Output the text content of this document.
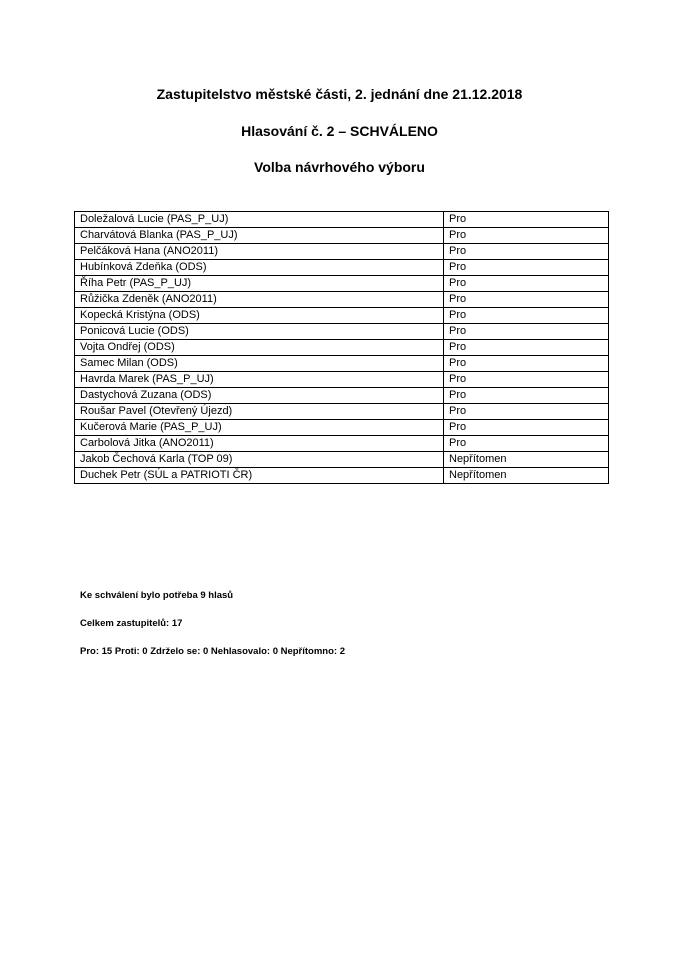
Zastupitelstvo městské části, 2. jednání dne 21.12.2018
Hlasování č. 2 – SCHVÁLENO
Volba návrhového výboru
Doležalová Lucie (PAS_P_UJ)	Pro
Charvátová Blanka (PAS_P_UJ)	Pro
Pelčáková Hana (ANO2011)	Pro
Hubínková Zdeňka (ODS)	Pro
Říha Petr (PAS_P_UJ)	Pro
Růžička Zdeněk (ANO2011)	Pro
Kopecká Kristýna (ODS)	Pro
Ponicová Lucie (ODS)	Pro
Vojta Ondřej (ODS)	Pro
Samec Milan (ODS)	Pro
Havrda Marek (PAS_P_UJ)	Pro
Dastychová Zuzana (ODS)	Pro
Roušar Pavel (Otevřený Újezd)	Pro
Kučerová Marie (PAS_P_UJ)	Pro
Carbolová Jitka (ANO2011)	Pro
Jakob Čechová Karla (TOP 09)	Nepřítomen
Duchek Petr (SÚL a PATRIOTI ČR)	Nepřítomen

Ke schválení bylo potřeba 9 hlasů

Celkem zastupitelů: 17

Pro: 15 Proti: 0 Zdrželo se: 0 Nehlasovalo: 0 Nepřítomno: 2
